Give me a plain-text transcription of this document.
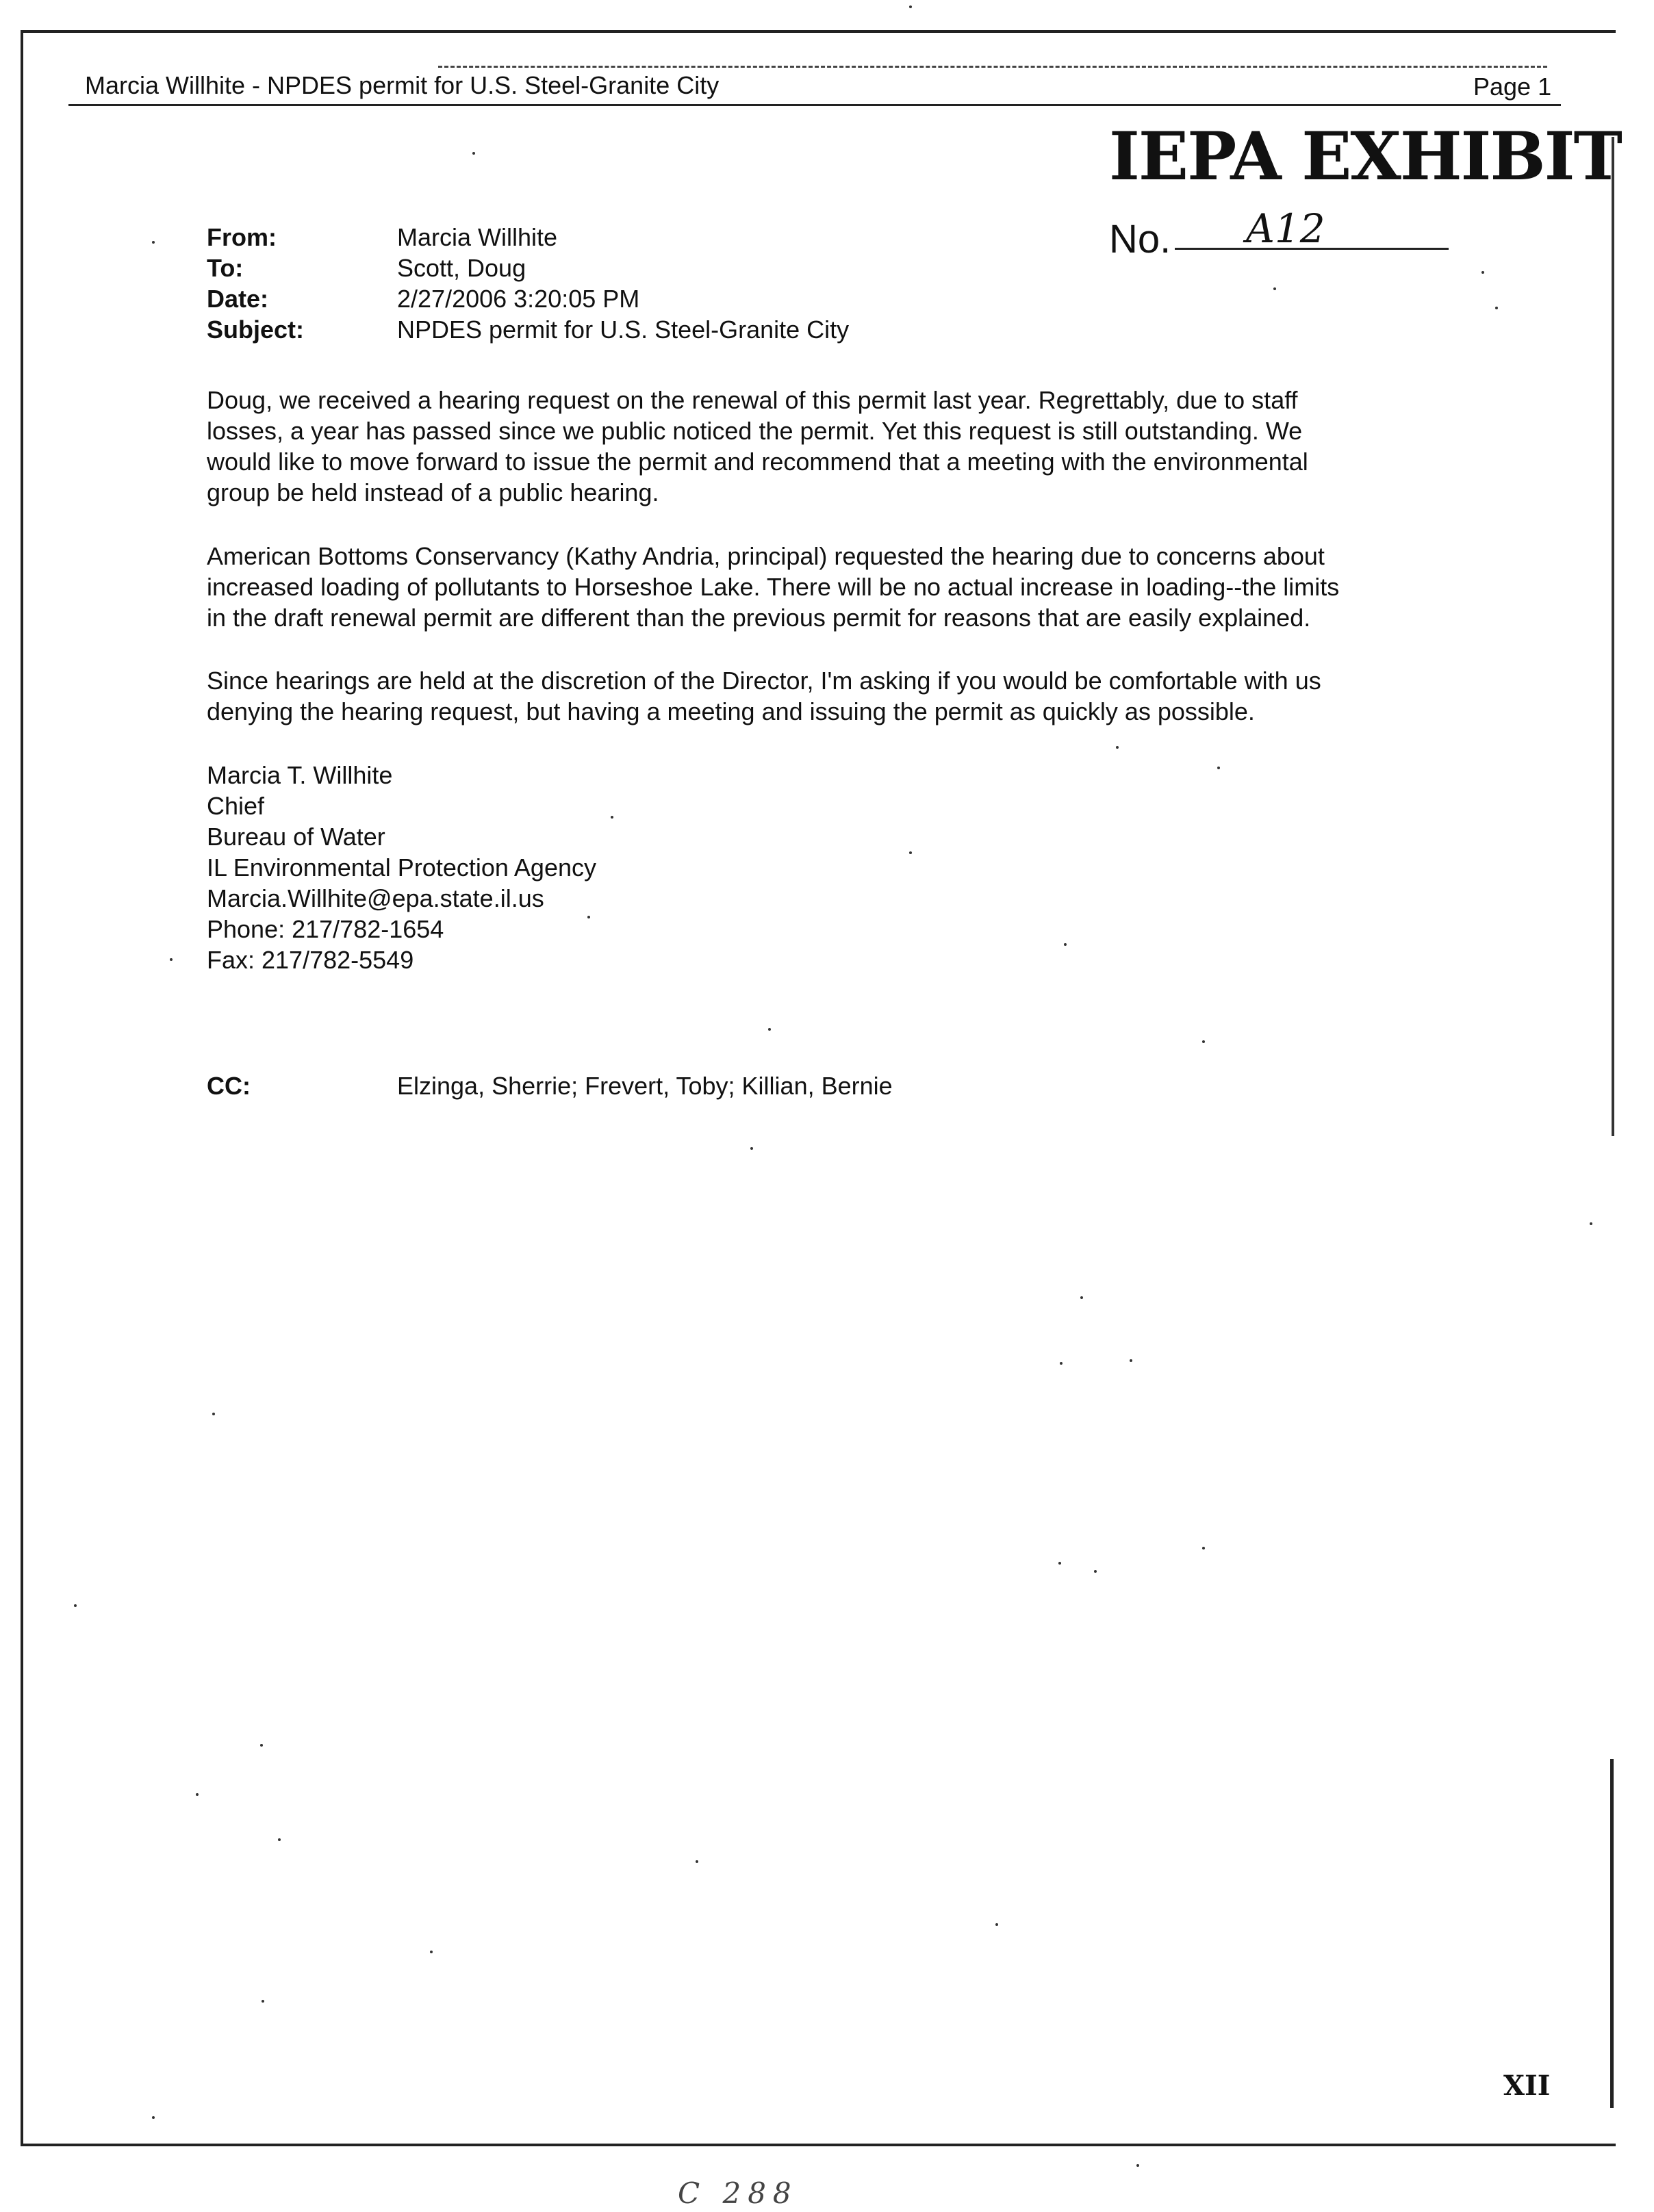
Marcia Willhite - NPDES permit for U.S. Steel-Granite City	Page 1
IEPA EXHIBIT
No. A12
From:	Marcia Willhite
To:	Scott, Doug
Date:	2/27/2006 3:20:05 PM
Subject:	NPDES permit for U.S. Steel-Granite City
Doug, we received a hearing request on the renewal of this permit last year. Regrettably, due to staff
losses, a year has passed since we public noticed the permit. Yet this request is still outstanding. We
would like to move forward to issue the permit and recommend that a meeting with the environmental
group be held instead of a public hearing.
American Bottoms Conservancy (Kathy Andria, principal) requested the hearing due to concerns about
increased loading of pollutants to Horseshoe Lake. There will be no actual increase in loading--the limits
in the draft renewal permit are different than the previous permit for reasons that are easily explained.
Since hearings are held at the discretion of the Director, I'm asking if you would be comfortable with us
denying the hearing request, but having a meeting and issuing the permit as quickly as possible.
Marcia T. Willhite
Chief
Bureau of Water
IL Environmental Protection Agency
Marcia.Willhite@epa.state.il.us
Phone: 217/782-1654
Fax: 217/782-5549
CC:	Elzinga, Sherrie; Frevert, Toby; Killian, Bernie
XII
C 288
